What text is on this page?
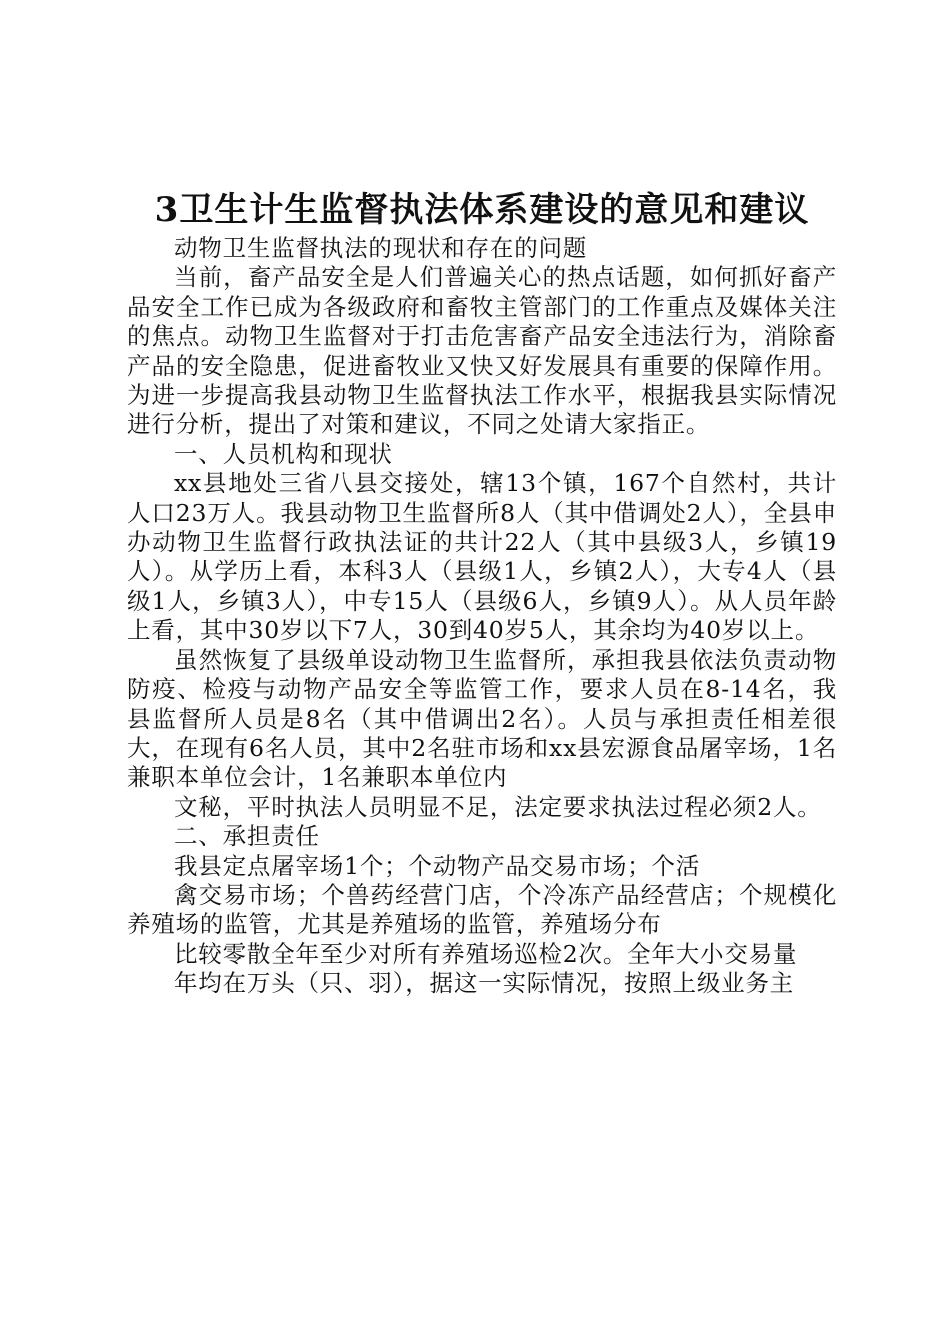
3卫生计生监督执法体系建设的意见和建议

动物卫生监督执法的现状和存在的问题

当前，畜产品安全是人们普遍关心的热点话题，如何抓好畜产品安全工作已成为各级政府和畜牧主管部门的工作重点及媒体关注的焦点。动物卫生监督对于打击危害畜产品安全违法行为，消除畜产品的安全隐患，促进畜牧业又快又好发展具有重要的保障作用。为进一步提高我县动物卫生监督执法工作水平，根据我县实际情况进行分析，提出了对策和建议，不同之处请大家指正。

一、人员机构和现状

xx县地处三省八县交接处，辖13个镇，167个自然村，共计人口23万人。我县动物卫生监督所8人（其中借调处2人），全县申办动物卫生监督行政执法证的共计22人（其中县级3人，乡镇19人）。从学历上看，本科3人（县级1人，乡镇2人），大专4人（县级1人，乡镇3人），中专15人（县级6人，乡镇9人）。从人员年龄上看，其中30岁以下7人，30到40岁5人，其余均为40岁以上。

虽然恢复了县级单设动物卫生监督所，承担我县依法负责动物防疫、检疫与动物产品安全等监管工作，要求人员在8-14名，我县监督所人员是8名（其中借调出2名）。人员与承担责任相差很大，在现有6名人员，其中2名驻市场和xx县宏源食品屠宰场，1名兼职本单位会计，1名兼职本单位内

文秘，平时执法人员明显不足，法定要求执法过程必须2人。

二、承担责任

我县定点屠宰场1个；个动物产品交易市场；个活

禽交易市场；个兽药经营门店，个冷冻产品经营店；个规模化养殖场的监管，尤其是养殖场的监管，养殖场分布

比较零散全年至少对所有养殖场巡检2次。全年大小交易量

年均在万头（只、羽），据这一实际情况，按照上级业务主
